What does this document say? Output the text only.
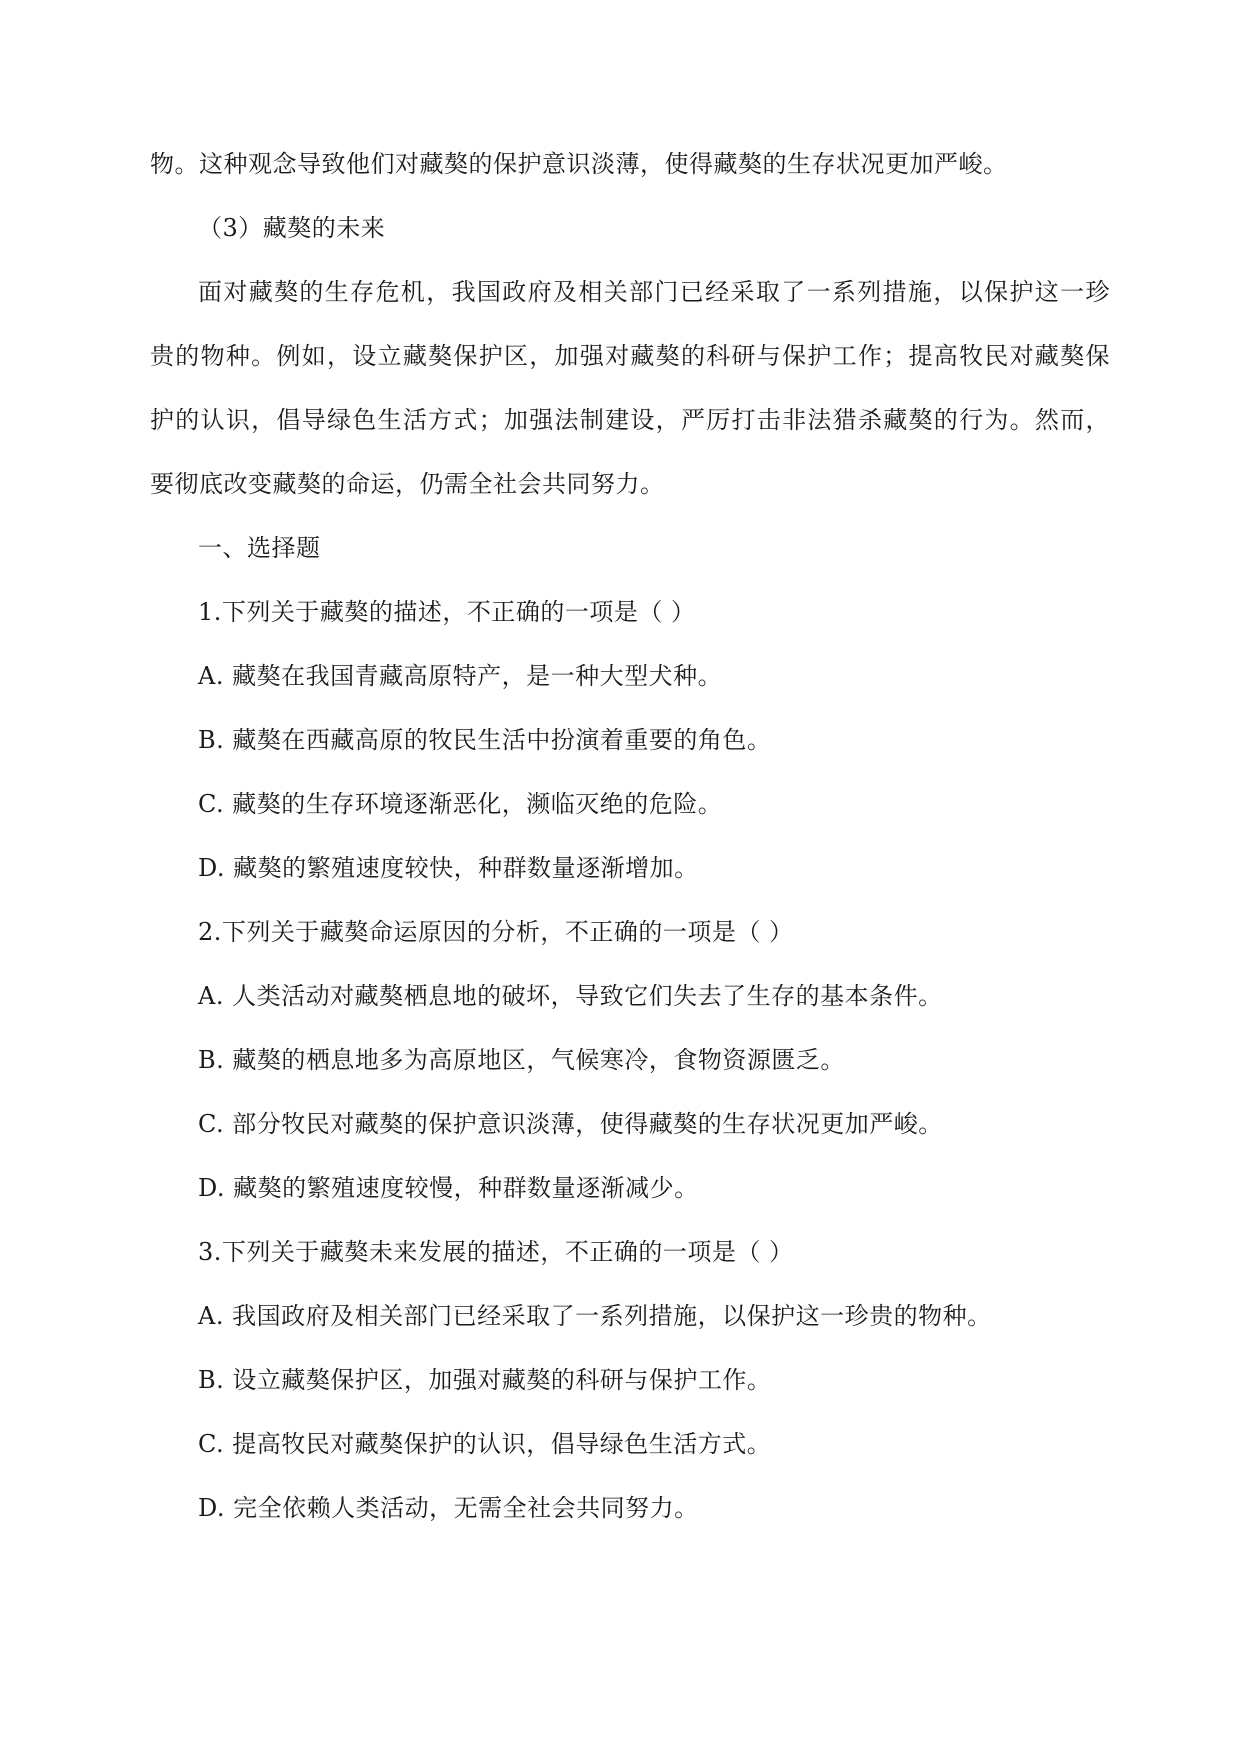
物。这种观念导致他们对藏獒的保护意识淡薄，使得藏獒的生存状况更加严峻。
（3）藏獒的未来
面对藏獒的生存危机，我国政府及相关部门已经采取了一系列措施，以保护这一珍
贵的物种。例如，设立藏獒保护区，加强对藏獒的科研与保护工作；提高牧民对藏獒保
护的认识，倡导绿色生活方式；加强法制建设，严厉打击非法猎杀藏獒的行为。然而，
要彻底改变藏獒的命运，仍需全社会共同努力。
一、选择题
1.下列关于藏獒的描述，不正确的一项是（ ）
A. 藏獒在我国青藏高原特产，是一种大型犬种。
B. 藏獒在西藏高原的牧民生活中扮演着重要的角色。
C. 藏獒的生存环境逐渐恶化，濒临灭绝的危险。
D. 藏獒的繁殖速度较快，种群数量逐渐增加。
2.下列关于藏獒命运原因的分析，不正确的一项是（ ）
A. 人类活动对藏獒栖息地的破坏，导致它们失去了生存的基本条件。
B. 藏獒的栖息地多为高原地区，气候寒冷，食物资源匮乏。
C. 部分牧民对藏獒的保护意识淡薄，使得藏獒的生存状况更加严峻。
D. 藏獒的繁殖速度较慢，种群数量逐渐减少。
3.下列关于藏獒未来发展的描述，不正确的一项是（ ）
A. 我国政府及相关部门已经采取了一系列措施，以保护这一珍贵的物种。
B. 设立藏獒保护区，加强对藏獒的科研与保护工作。
C. 提高牧民对藏獒保护的认识，倡导绿色生活方式。
D. 完全依赖人类活动，无需全社会共同努力。
